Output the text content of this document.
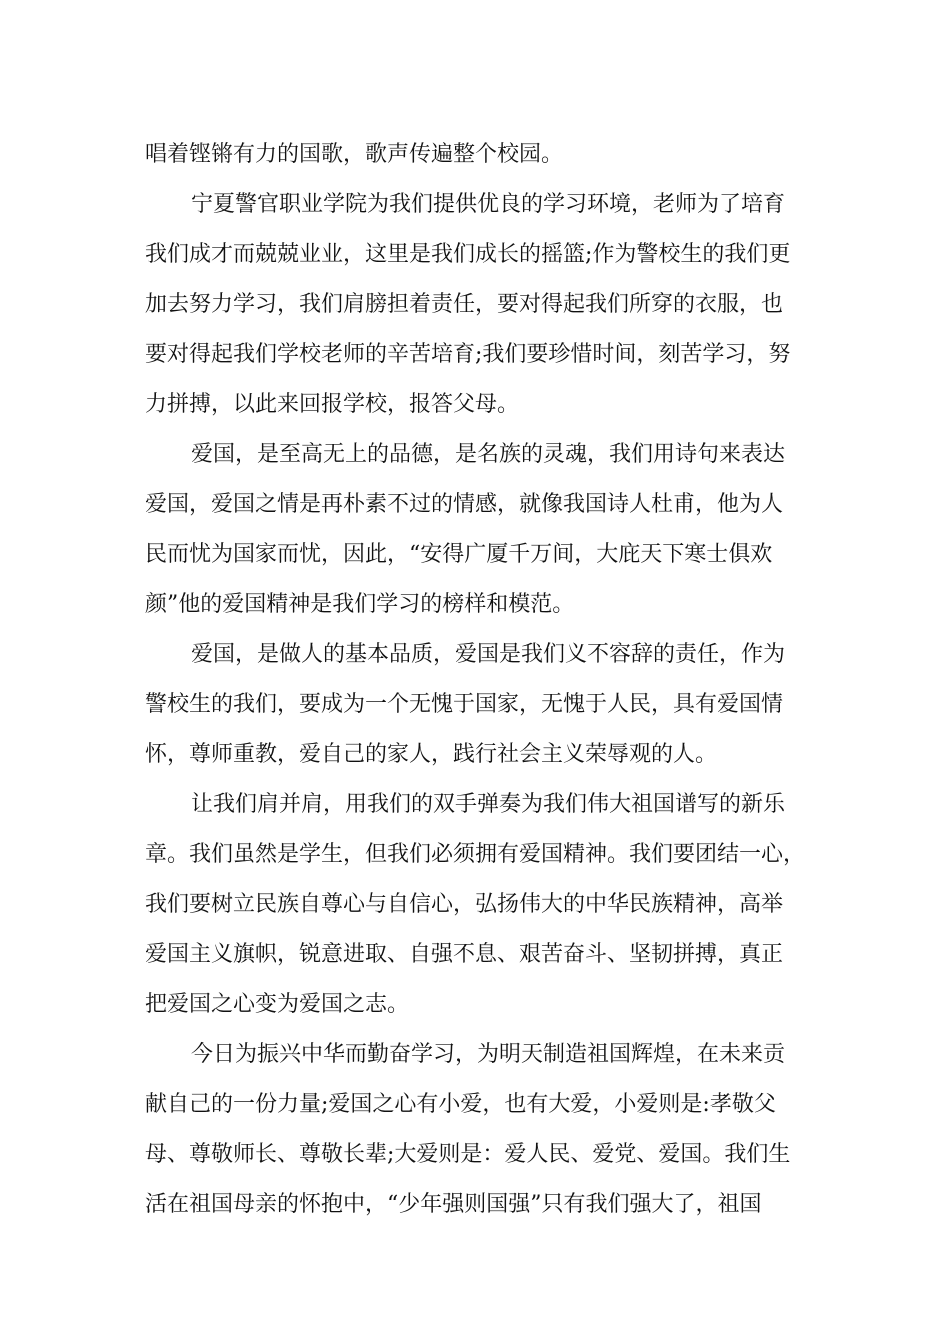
唱着铿锵有力的国歌，歌声传遍整个校园。
宁夏警官职业学院为我们提供优良的学习环境，老师为了培育
我们成才而兢兢业业，这里是我们成长的摇篮;作为警校生的我们更
加去努力学习，我们肩膀担着责任，要对得起我们所穿的衣服，也
要对得起我们学校老师的辛苦培育;我们要珍惜时间，刻苦学习，努
力拼搏，以此来回报学校，报答父母。
爱国，是至高无上的品德，是名族的灵魂，我们用诗句来表达
爱国，爱国之情是再朴素不过的情感，就像我国诗人杜甫，他为人
民而忧为国家而忧，因此，“安得广厦千万间，大庇天下寒士俱欢
颜”他的爱国精神是我们学习的榜样和模范。
爱国，是做人的基本品质，爱国是我们义不容辞的责任，作为
警校生的我们，要成为一个无愧于国家，无愧于人民，具有爱国情
怀，尊师重教，爱自己的家人，践行社会主义荣辱观的人。
让我们肩并肩，用我们的双手弹奏为我们伟大祖国谱写的新乐
章。我们虽然是学生，但我们必须拥有爱国精神。我们要团结一心，
我们要树立民族自尊心与自信心，弘扬伟大的中华民族精神，高举
爱国主义旗帜，锐意进取、自强不息、艰苦奋斗、坚韧拼搏，真正
把爱国之心变为爱国之志。
今日为振兴中华而勤奋学习，为明天制造祖国辉煌，在未来贡
献自己的一份力量;爱国之心有小爱，也有大爱，小爱则是:孝敬父
母、尊敬师长、尊敬长辈;大爱则是：爱人民、爱党、爱国。我们生
活在祖国母亲的怀抱中，“少年强则国强”只有我们强大了，祖国
